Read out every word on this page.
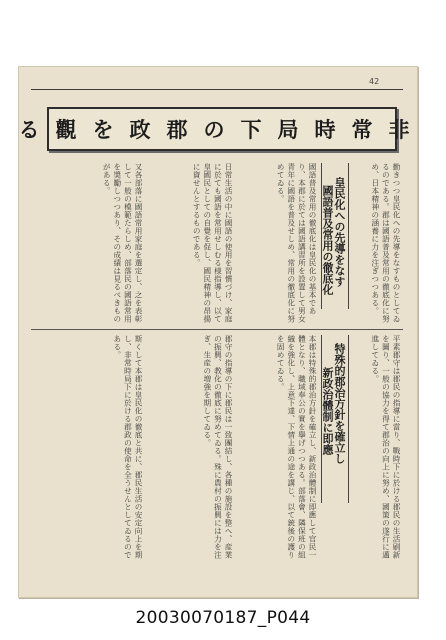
42
非常時局下の郡政を觀る
勤きつつ皇民化への先導をなすものとしてゐるのである。郡は國語普及常用の徹底化に努め、日本精神の涵養に力を注ぎつつある。
皇民化への先導をなす
國語普及常用の徹底化
國語普及常用の徹底化は皇民化の基本であり、本郡に於ては國語講習所を設置して男女青年に國語を普及せしめ、常用の徹底化に努めてゐる。
日常生活の中に國語の使用を習慣づけ、家庭に於ても國語を常用せしむる様指導し、以て皇國民としての自覺を促し、國民精神の昂揚に資せんとするものである。
又各部落に國語常用家庭を選定し、之を表彰して一般の模範たらしめ、部落民の國語常用を奬勵しつつあり、その成績は見るべきものがある。
平素郡守は郡民の指導に當り、戰時下に於ける郡民の生活刷新を圖り、一般の協力を得て郡治の向上に努め、國策の遂行に邁進してゐる。
特殊的郡治方針を確立し
新政治體制に即應
本郡は特殊的郡治方針を確立し、新政治體制に即應して官民一體となり、職域奉公の實を擧げつつある。部落會、隣保班の組織を強化し、上意下達、下情上通の途を講じ、以て銃後の護りを固めてゐる。
郡守の指導の下に郡民は一致團結し、各種の施設を整へ、産業の振興、教化の徹底に努めてゐる。殊に農村の振興には力を注ぎ、生産の増強を期してゐる。
斯くして本郡は皇民化の徹底と共に、郡民生活の安定向上を期し、非常時局下に於ける郡政の使命を全うせんとしてゐるのである。
20030070187_P044
